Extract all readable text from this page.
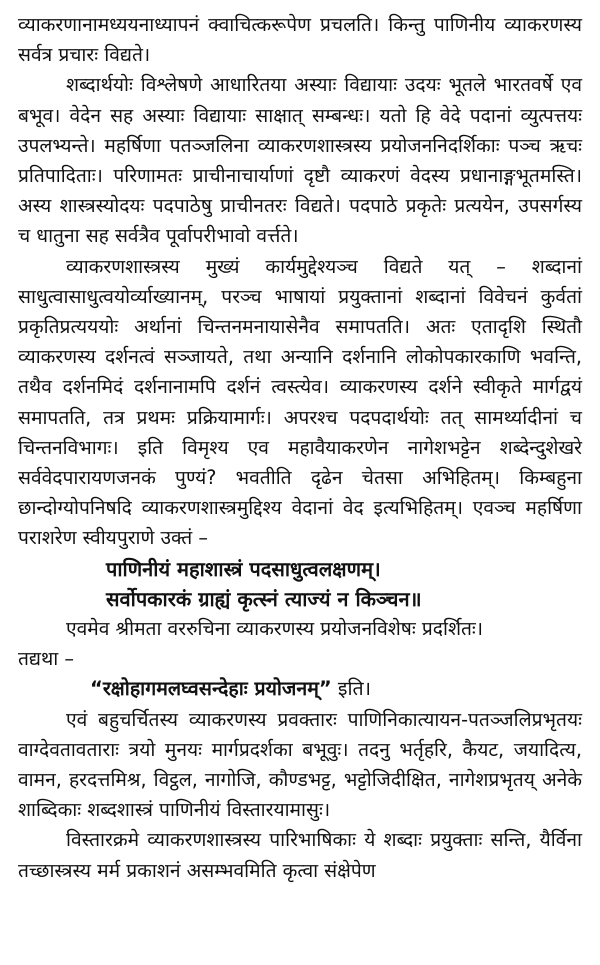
व्याकरणानामध्ययनाध्यापनं क्वाचित्करूपेण प्रचलति। किन्तु पाणिनीय व्याकरणस्य सर्वत्र प्रचारः विद्यते।

शब्दार्थयोः विश्लेषणे आधारितया अस्याः विद्यायाः उदयः भूतले भारतवर्षे एव बभूव। वेदेन सह अस्याः विद्यायाः साक्षात् सम्बन्धः। यतो हि वेदे पदानां व्युत्पत्तयः उपलभ्यन्ते। महर्षिणा पतञ्जलिना व्याकरणशास्त्रस्य प्रयोजननिदर्शिकाः पञ्च ऋचः प्रतिपादिताः। परिणामतः प्राचीनाचार्याणां दृष्टौ व्याकरणं वेदस्य प्रधानाङ्गभूतमस्ति। अस्य शास्त्रस्योदयः पदपाठेषु प्राचीनतरः विद्यते। पदपाठे प्रकृतेः प्रत्ययेन, उपसर्गस्य च धातुना सह सर्वत्रैव पूर्वापरीभावो वर्त्तते।

व्याकरणशास्त्रस्य मुख्यं कार्यमुद्देश्यञ्च विद्यते यत् – शब्दानां साधुत्वासाधुत्वयोर्व्याख्यानम्, परञ्च भाषायां प्रयुक्तानां शब्दानां विवेचनं कुर्वतां प्रकृतिप्रत्यययोः अर्थानां चिन्तनमनायासेनैव समापतति। अतः एतादृशि स्थितौ व्याकरणस्य दर्शनत्वं सञ्जायते, तथा अन्यानि दर्शनानि लोकोपकारकाणि भवन्ति, तथैव दर्शनमिदं दर्शनानामपि दर्शनं त्वस्त्येव। व्याकरणस्य दर्शने स्वीकृते मार्गद्वयं समापतति, तत्र प्रथमः प्रक्रियामार्गः। अपरश्च पदपदार्थयोः तत् सामर्थ्यादीनां च चिन्तनविभागः। इति विमृश्य एव महावैयाकरणेन नागेशभट्टेन शब्देन्दुशेखरे सर्ववेदपारायणजनकं पुण्यं? भवतीति दृढेन चेतसा अभिहितम्। किम्बहुना छान्दोग्योपनिषदि व्याकरणशास्त्रमुद्दिश्य वेदानां वेद इत्यभिहितम्। एवञ्च महर्षिणा पराशरेण स्वीयपुराणे उक्तं –

पाणिनीयं महाशास्त्रं पदसाधुत्वलक्षणम्।

सर्वोपकारकं ग्राह्यं कृत्स्नं त्याज्यं न किञ्चन॥

एवमेव श्रीमता वररुचिना व्याकरणस्य प्रयोजनविशेषः प्रदर्शितः।

तद्यथा –

“रक्षोहागमलघ्वसन्देहाः प्रयोजनम्” इति।

एवं बहुचर्चितस्य व्याकरणस्य प्रवक्तारः पाणिनिकात्यायन-पतञ्जलिप्रभृतयः वाग्देवतावताराः त्रयो मुनयः मार्गप्रदर्शका बभूवुः। तदनु भर्तृहरि, कैयट, जयादित्य, वामन, हरदत्तमिश्र, विट्ठल, नागोजि, कौण्डभट्ट, भट्टोजिदीक्षित, नागेशप्रभृतय् अनेके शाब्दिकाः शब्दशास्त्रं पाणिनीयं विस्तारयामासुः।

विस्तारक्रमे व्याकरणशास्त्रस्य पारिभाषिकाः ये शब्दाः प्रयुक्ताः सन्ति, यैर्विना तच्छास्त्रस्य मर्म प्रकाशनं असम्भवमिति कृत्वा संक्षेपेण
